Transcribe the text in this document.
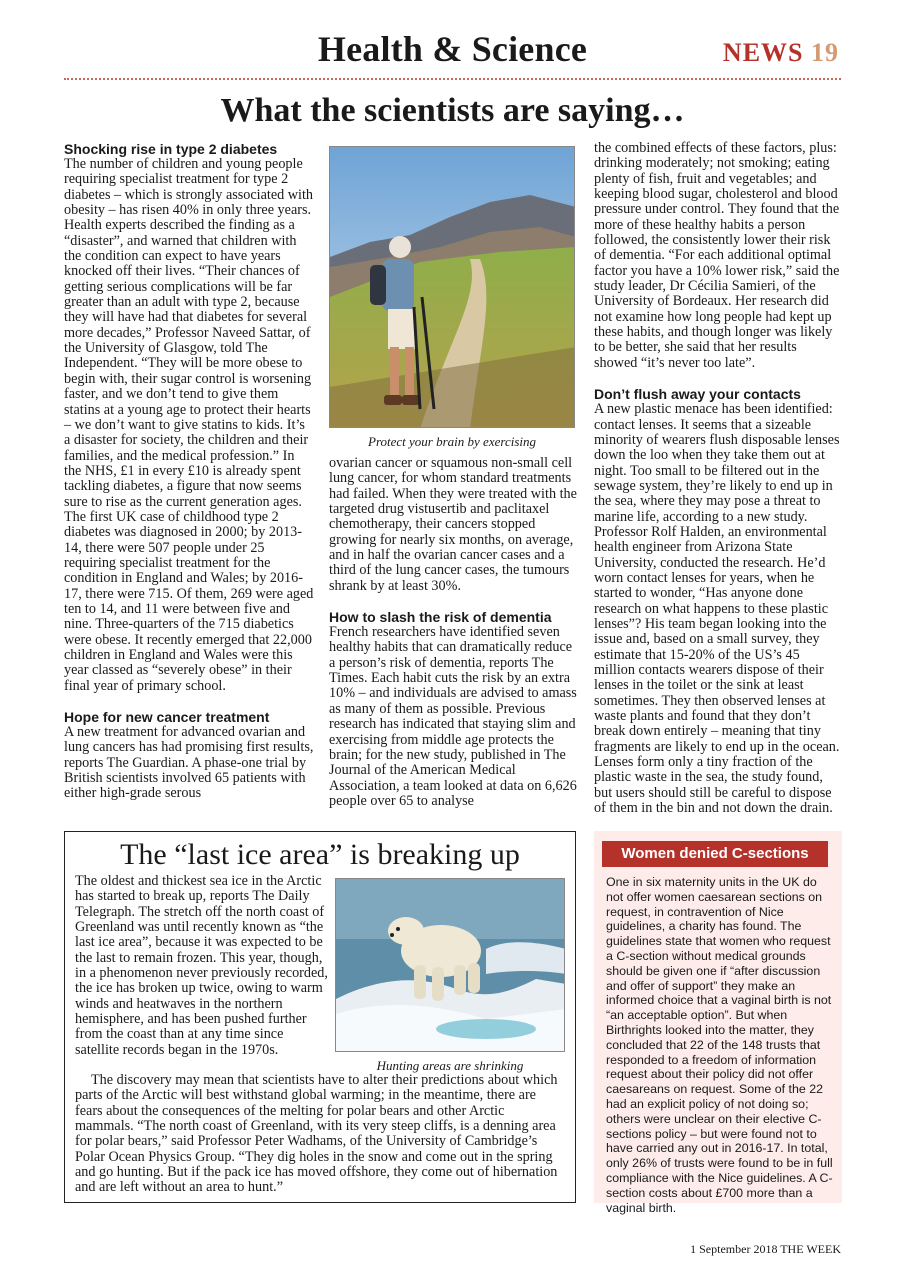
Health & Science	NEWS 19
What the scientists are saying…

Shocking rise in type 2 diabetes

The number of children and young people requiring specialist treatment for type 2 diabetes – which is strongly associated with obesity – has risen 40% in only three years. Health experts described the finding as a “disaster”, and warned that children with the condition can expect to have years knocked off their lives. “Their chances of getting serious complications will be far greater than an adult with type 2, because they will have had that diabetes for several more decades,” Professor Naveed Sattar, of the University of Glasgow, told The Independent. “They will be more obese to begin with, their sugar control is worsening faster, and we don’t tend to give them statins at a young age to protect their hearts – we don’t want to give statins to kids. It’s a disaster for society, the children and their families, and the medical profession.” In the NHS, £1 in every £10 is already spent tackling diabetes, a figure that now seems sure to rise as the current generation ages. The first UK case of childhood type 2 diabetes was diagnosed in 2000; by 2013-14, there were 507 people under 25 requiring specialist treatment for the condition in England and Wales; by 2016-17, there were 715. Of them, 269 were aged ten to 14, and 11 were between five and nine. Three-quarters of the 715 diabetics were obese. It recently emerged that 22,000 children in England and Wales were this year classed as “severely obese” in their final year of primary school.

Hope for new cancer treatment

A new treatment for advanced ovarian and lung cancers has had promising first results, reports The Guardian. A phase-one trial by British scientists involved 65 patients with either high-grade serous

Protect your brain by exercising

ovarian cancer or squamous non-small cell lung cancer, for whom standard treatments had failed. When they were treated with the targeted drug vistusertib and paclitaxel chemotherapy, their cancers stopped growing for nearly six months, on average, and in half the ovarian cancer cases and a third of the lung cancer cases, the tumours shrank by at least 30%.

How to slash the risk of dementia

French researchers have identified seven healthy habits that can dramatically reduce a person’s risk of dementia, reports The Times. Each habit cuts the risk by an extra 10% – and individuals are advised to amass as many of them as possible. Previous research has indicated that staying slim and exercising from middle age protects the brain; for the new study, published in The Journal of the American Medical Association, a team looked at data on 6,626 people over 65 to analyse

the combined effects of these factors, plus: drinking moderately; not smoking; eating plenty of fish, fruit and vegetables; and keeping blood sugar, cholesterol and blood pressure under control. They found that the more of these healthy habits a person followed, the consistently lower their risk of dementia. “For each additional optimal factor you have a 10% lower risk,” said the study leader, Dr Cécilia Samieri, of the University of Bordeaux. Her research did not examine how long people had kept up these habits, and though longer was likely to be better, she said that her results showed “it’s never too late”.

Don’t flush away your contacts

A new plastic menace has been identified: contact lenses. It seems that a sizeable minority of wearers flush disposable lenses down the loo when they take them out at night. Too small to be filtered out in the sewage system, they’re likely to end up in the sea, where they may pose a threat to marine life, according to a new study. Professor Rolf Halden, an environmental health engineer from Arizona State University, conducted the research. He’d worn contact lenses for years, when he started to wonder, “Has anyone done research on what happens to these plastic lenses”? His team began looking into the issue and, based on a small survey, they estimate that 15-20% of the US’s 45 million contacts wearers dispose of their lenses in the toilet or the sink at least sometimes. They then observed lenses at waste plants and found that they don’t break down entirely – meaning that tiny fragments are likely to end up in the ocean. Lenses form only a tiny fraction of the plastic waste in the sea, the study found, but users should still be careful to dispose of them in the bin and not down the drain.

The “last ice area” is breaking up
Hunting areas are shrinking
The oldest and thickest sea ice in the Arctic has started to break up, reports The Daily Telegraph. The stretch off the north coast of Greenland was until recently known as “the last ice area”, because it was expected to be the last to remain frozen. This year, though, in a phenomenon never previously recorded, the ice has broken up twice, owing to warm winds and heatwaves in the northern hemisphere, and has been pushed further from the coast than at any time since satellite records began in the 1970s.
The discovery may mean that scientists have to alter their predictions about which parts of the Arctic will best withstand global warming; in the meantime, there are fears about the consequences of the melting for polar bears and other Arctic mammals. “The north coast of Greenland, with its very steep cliffs, is a denning area for polar bears,” said Professor Peter Wadhams, of the University of Cambridge’s Polar Ocean Physics Group. “They dig holes in the snow and come out in the spring and go hunting. But if the pack ice has moved offshore, they come out of hibernation and are left without an area to hunt.”
Women denied C-sections
One in six maternity units in the UK do not offer women caesarean sections on request, in contravention of Nice guidelines, a charity has found. The guidelines state that women who request a C-section without medical grounds should be given one if “after discussion and offer of support” they make an informed choice that a vaginal birth is not “an acceptable option”. But when Birthrights looked into the matter, they concluded that 22 of the 148 trusts that responded to a freedom of information request about their policy did not offer caesareans on request. Some of the 22 had an explicit policy of not doing so; others were unclear on their elective C-sections policy – but were found not to have carried any out in 2016-17. In total, only 26% of trusts were found to be in full compliance with the Nice guidelines. A C-section costs about £700 more than a vaginal birth.
1 September 2018 THE WEEK
